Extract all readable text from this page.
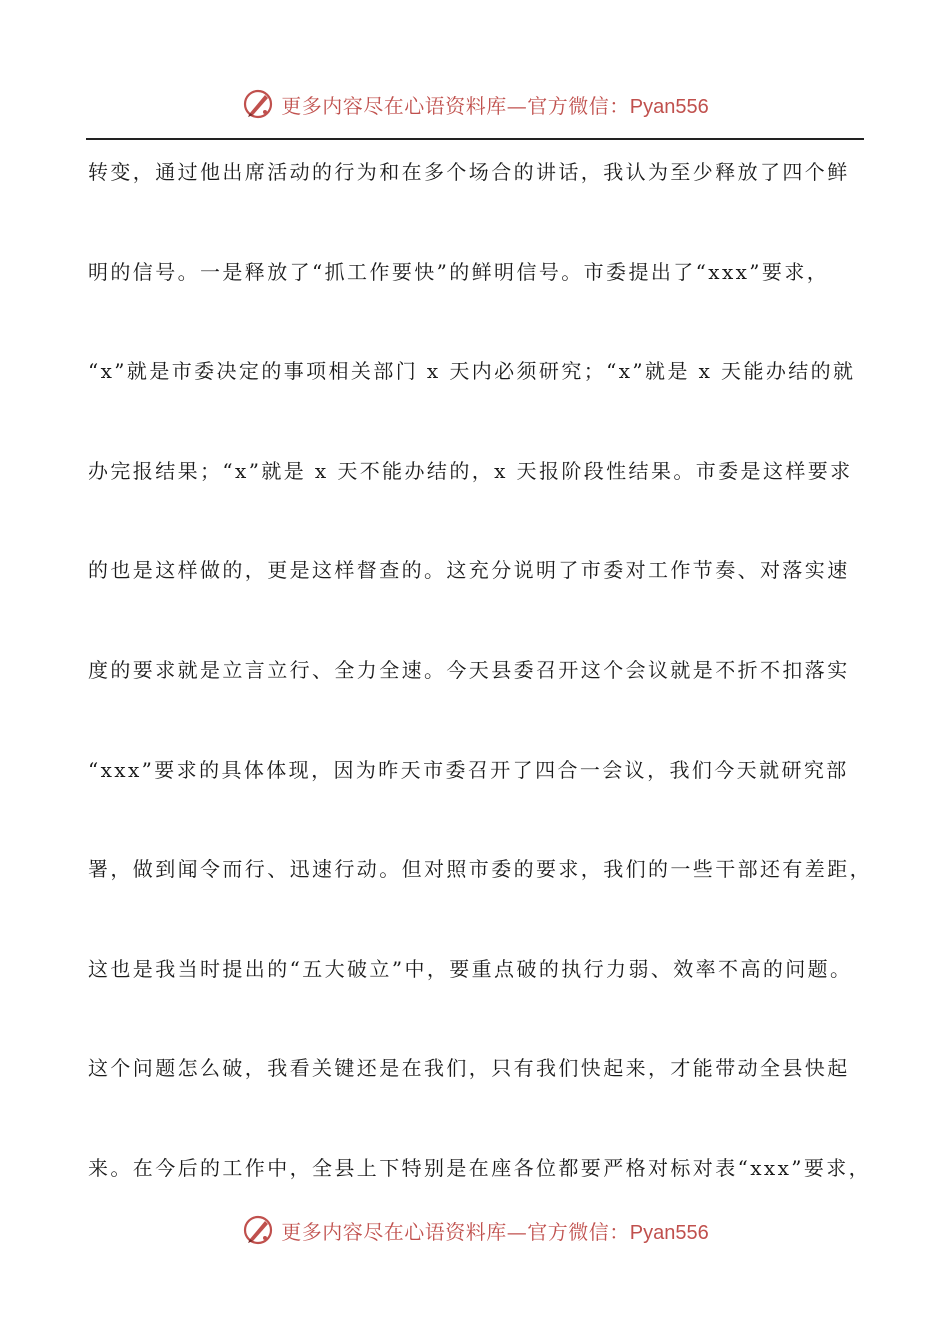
更多内容尽在心语资料库—官方微信：Pyan556
转变，通过他出席活动的行为和在多个场合的讲话，我认为至少释放了四个鲜
明的信号。一是释放了“抓工作要快”的鲜明信号。市委提出了“xxx”要求，
“x”就是市委决定的事项相关部门 x 天内必须研究；“x”就是 x 天能办结的就
办完报结果；“x”就是 x 天不能办结的，x 天报阶段性结果。市委是这样要求
的也是这样做的，更是这样督查的。这充分说明了市委对工作节奏、对落实速
度的要求就是立言立行、全力全速。今天县委召开这个会议就是不折不扣落实
“xxx”要求的具体体现，因为昨天市委召开了四合一会议，我们今天就研究部
署，做到闻令而行、迅速行动。但对照市委的要求，我们的一些干部还有差距，
这也是我当时提出的“五大破立”中，要重点破的执行力弱、效率不高的问题。
这个问题怎么破，我看关键还是在我们，只有我们快起来，才能带动全县快起
来。在今后的工作中，全县上下特别是在座各位都要严格对标对表“xxx”要求，
更多内容尽在心语资料库—官方微信：Pyan556
